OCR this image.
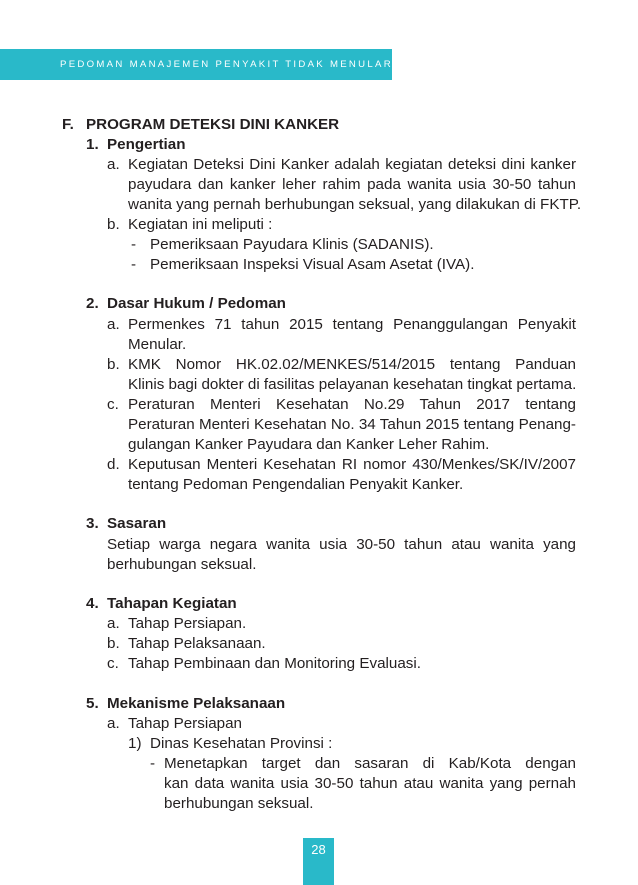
PEDOMAN MANAJEMEN PENYAKIT TIDAK MENULAR
F. PROGRAM DETEKSI DINI KANKER
1. Pengertian
a. Kegiatan Deteksi Dini Kanker adalah kegiatan deteksi dini kanker
payudara dan kanker leher rahim pada wanita usia 30-50 tahun
wanita yang pernah berhubungan seksual, yang dilakukan di FKTP.
b. Kegiatan ini meliputi :
- Pemeriksaan Payudara Klinis (SADANIS).
- Pemeriksaan Inspeksi Visual Asam Asetat (IVA).
2. Dasar Hukum / Pedoman
a. Permenkes 71 tahun 2015 tentang Penanggulangan Penyakit
Menular.
b. KMK Nomor HK.02.02/MENKES/514/2015 tentang Panduan
Klinis bagi dokter di fasilitas pelayanan kesehatan tingkat pertama.
c. Peraturan Menteri Kesehatan No.29 Tahun 2017 tentang
Peraturan Menteri Kesehatan No. 34 Tahun 2015 tentang Penang-
gulangan Kanker Payudara dan Kanker Leher Rahim.
d. Keputusan Menteri Kesehatan RI nomor 430/Menkes/SK/IV/2007
tentang Pedoman Pengendalian Penyakit Kanker.
3. Sasaran
Setiap warga negara wanita usia 30-50 tahun atau wanita yang
berhubungan seksual.
4. Tahapan Kegiatan
a. Tahap Persiapan.
b. Tahap Pelaksanaan.
c. Tahap Pembinaan dan Monitoring Evaluasi.
5. Mekanisme Pelaksanaan
a. Tahap Persiapan
1) Dinas Kesehatan Provinsi :
- Menetapkan target dan sasaran di Kab/Kota dengan
kan data wanita usia 30-50 tahun atau wanita yang pernah
berhubungan seksual.
28
